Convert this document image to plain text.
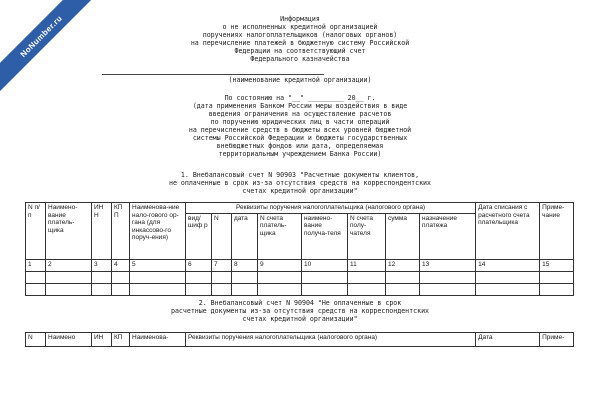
NoNumber.ru	Информация
о не исполненных кредитной организацией
поручениях налогоплательщиков (налоговых органов)
на перечисление платежей в бюджетную систему Российской
Федерации на соответствующий счет
Федерального казначейства
(наименование кредитной организации)
По состоянию на "__" _________ 20__ г.
(дата применения Банком России меры воздействия в виде
введения ограничения на осуществление расчетов
по поручению юридических лиц в части операций
на перечисление средств в бюджеты всех уровней бюджетной
системы Российской Федерации и бюджеты государственных
внебюджетных фондов или дата, определяемая
территориальным учреждением Банка России)
1. Внебалансовый счет N 90903 "Расчетные документы клиентов,
не оплаченные в срок из-за отсутствия средств на корреспондентских
счетах кредитной организации"
N п/п	Наимено-вание платель-щика	ИН Н	КП П	Наименова-ние нало-гового ор-гана (для инкассово-го поруч-ения)	Реквизиты поручения налогоплательщика (налогового органа)								Дата списания с расчетного счета плательщика	Приме-чание
					вид/ шиф р	N	дата	N счета платель-щика	наимено-вание получа-теля	N счета полу-чателя	сумма	назначение платежа		
1	2	3	4	5	6	7	8	9	10	11	12	13	14	15

2. Внебалансовый счет N 90904 "Не оплаченные в срок
расчетные документы из-за отсутствия средств на корреспондентских
счетах кредитной организации"
N	Наимено	ИН	КП	Наименова-	Реквизиты поручения налогоплательщика (налогового органа)	Дата	Приме-
